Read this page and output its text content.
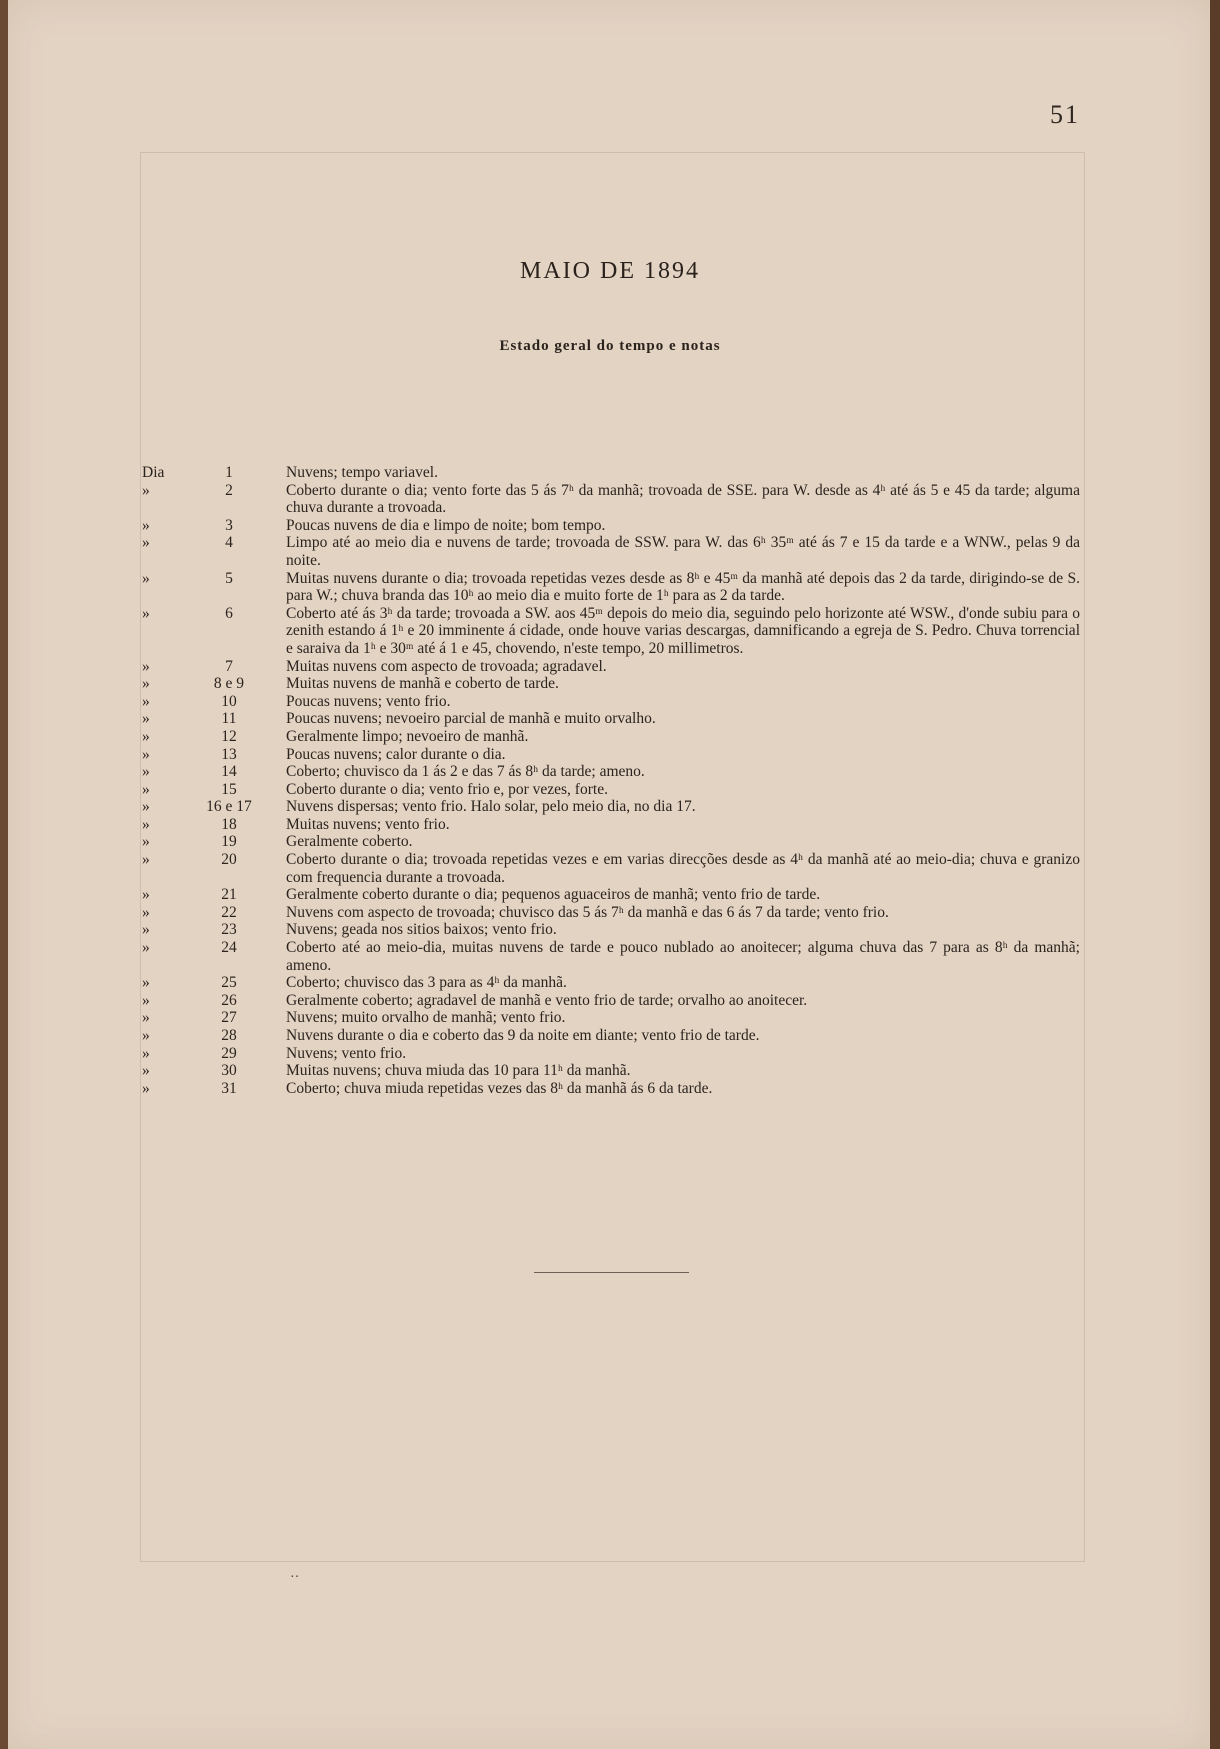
51
MAIO DE 1894
Estado geral do tempo e notas
Dia	1	Nuvens; tempo variavel.
»	2	Coberto durante o dia; vento forte das 5 ás 7ʰ da manhã; trovoada de SSE. para W. desde as 4ʰ até ás 5 e 45 da tarde; alguma chuva durante a trovoada.
»	3	Poucas nuvens de dia e limpo de noite; bom tempo.
»	4	Limpo até ao meio dia e nuvens de tarde; trovoada de SSW. para W. das 6ʰ 35ᵐ até ás 7 e 15 da tarde e a WNW., pelas 9 da noite.
»	5	Muitas nuvens durante o dia; trovoada repetidas vezes desde as 8ʰ e 45ᵐ da manhã até depois das 2 da tarde, dirigindo-se de S. para W.; chuva branda das 10ʰ ao meio dia e muito forte de 1ʰ para as 2 da tarde.
»	6	Coberto até ás 3ʰ da tarde; trovoada a SW. aos 45ᵐ depois do meio dia, seguindo pelo horizonte até WSW., d'onde subiu para o zenith estando á 1ʰ e 20 imminente á cidade, onde houve varias descargas, damnificando a egreja de S. Pedro. Chuva torrencial e saraiva da 1ʰ e 30ᵐ até á 1 e 45, chovendo, n'este tempo, 20 millimetros.
»	7	Muitas nuvens com aspecto de trovoada; agradavel.
»	8 e 9	Muitas nuvens de manhã e coberto de tarde.
»	10	Poucas nuvens; vento frio.
»	11	Poucas nuvens; nevoeiro parcial de manhã e muito orvalho.
»	12	Geralmente limpo; nevoeiro de manhã.
»	13	Poucas nuvens; calor durante o dia.
»	14	Coberto; chuvisco da 1 ás 2 e das 7 ás 8ʰ da tarde; ameno.
»	15	Coberto durante o dia; vento frio e, por vezes, forte.
»	16 e 17	Nuvens dispersas; vento frio. Halo solar, pelo meio dia, no dia 17.
»	18	Muitas nuvens; vento frio.
»	19	Geralmente coberto.
»	20	Coberto durante o dia; trovoada repetidas vezes e em varias direcções desde as 4ʰ da manhã até ao meio-dia; chuva e granizo com frequencia durante a trovoada.
»	21	Geralmente coberto durante o dia; pequenos aguaceiros de manhã; vento frio de tarde.
»	22	Nuvens com aspecto de trovoada; chuvisco das 5 ás 7ʰ da manhã e das 6 ás 7 da tarde; vento frio.
»	23	Nuvens; geada nos sitios baixos; vento frio.
»	24	Coberto até ao meio-dia, muitas nuvens de tarde e pouco nublado ao anoitecer; alguma chuva das 7 para as 8ʰ da manhã; ameno.
»	25	Coberto; chuvisco das 3 para as 4ʰ da manhã.
»	26	Geralmente coberto; agradavel de manhã e vento frio de tarde; orvalho ao anoitecer.
»	27	Nuvens; muito orvalho de manhã; vento frio.
»	28	Nuvens durante o dia e coberto das 9 da noite em diante; vento frio de tarde.
»	29	Nuvens; vento frio.
»	30	Muitas nuvens; chuva miuda das 10 para 11ʰ da manhã.
»	31	Coberto; chuva miuda repetidas vezes das 8ʰ da manhã ás 6 da tarde.
··
